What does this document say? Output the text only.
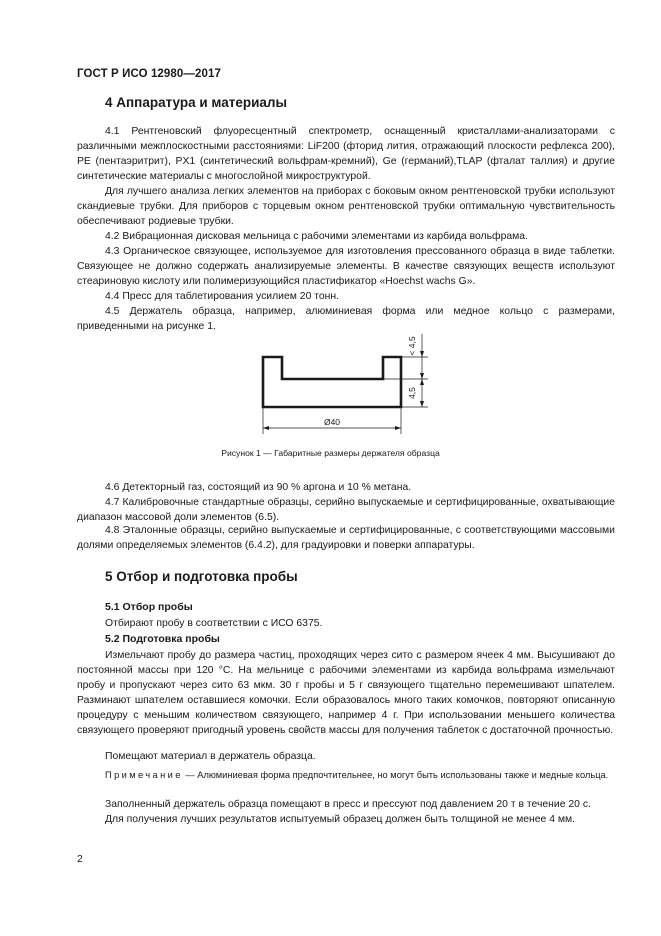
ГОСТ Р ИСО 12980—2017
4 Аппаратура и материалы

4.1 Рентгеновский флуоресцентный спектрометр, оснащенный кристаллами-анализаторами с различными межплоскостными расстояниями: LiF200 (фторид лития, отражающий плоскости рефлекса 200), PE (пентаэритрит), PX1 (синтетический вольфрам-кремний), Ge (германий),TLAP (фталат таллия) и другие синтетические материалы с многослойной микроструктурой.

Для лучшего анализа легких элементов на приборах с боковым окном рентгеновской трубки используют скандиевые трубки. Для приборов с торцевым окном рентгеновской трубки оптимальную чувствительность обеспечивают родиевые трубки.

4.2 Вибрационная дисковая мельница с рабочими элементами из карбида вольфрама.

4.3 Органическое связующее, используемое для изготовления прессованного образца в виде таблетки. Связующее не должно содержать анализируемые элементы. В качестве связующих веществ используют стеариновую кислоту или полимеризующийся пластификатор «Hoechst wachs G».

4.4 Пресс для таблетирования усилием 20 тонн.

4.5 Держатель образца, например, алюминиевая форма или медное кольцо с размерами, приведенными на рисунке 1.

< 4,5
4,5
Ø40
Рисунок 1 — Габаритные размеры держателя образца

4.6 Детекторный газ, состоящий из 90 % аргона и 10 % метана.

4.7 Калибровочные стандартные образцы, серийно выпускаемые и сертифицированные, охватывающие диапазон массовой доли элементов (6.5).

4.8 Эталонные образцы, серийно выпускаемые и сертифицированные, с соответствующими массовыми долями определяемых элементов (6.4.2), для градуировки и поверки аппаратуры.

5 Отбор и подготовка пробы
5.1 Отбор пробы

Отбирают пробу в соответствии с ИСО 6375.

5.2 Подготовка пробы

Измельчают пробу до размера частиц, проходящих через сито с размером ячеек 4 мм. Высушивают до постоянной массы при 120 °С. На мельнице с рабочими элементами из карбида вольфрама измельчают пробу и пропускают через сито 63 мкм. 30 г пробы и 5 г связующего тщательно перемешивают шпателем. Разминают шпателем оставшиеся комочки. Если образовалось много таких комочков, повторяют описанную процедуру с меньшим количеством связующего, например 4 г. При использовании меньшего количества связующего проверяют пригодный уровень свойств массы для получения таблеток с достаточной прочностью.

Помещают материал в держатель образца.

Примечание — Алюминиевая форма предпочтительнее, но могут быть использованы также и медные кольца.

Заполненный держатель образца помещают в пресс и прессуют под давлением 20 т в течение 20 с.

Для получения лучших результатов испытуемый образец должен быть толщиной не менее 4 мм.

2
